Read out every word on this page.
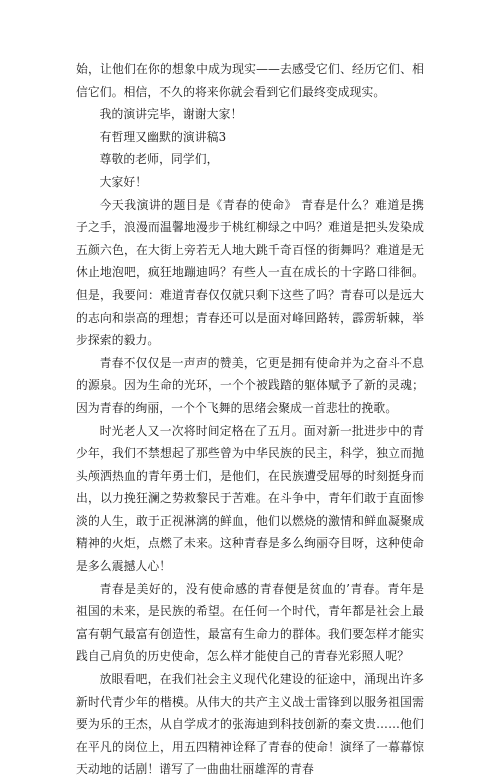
始，让他们在你的想象中成为现实——去感受它们、经历它们、相信它们。相信，不久的将来你就会看到它们最终变成现实。

我的演讲完毕，谢谢大家！

有哲理又幽默的演讲稿3

尊敬的老师，同学们，

大家好！

今天我演讲的题目是《青春的使命》 青春是什么？难道是携子之手，浪漫而温馨地漫步于桃红柳绿之中吗？难道是把头发染成五颜六色，在大街上旁若无人地大跳千奇百怪的街舞吗？难道是无休止地泡吧，疯狂地蹦迪吗？有些人一直在成长的十字路口徘徊。但是，我要问：难道青春仅仅就只剩下这些了吗？青春可以是远大的志向和崇高的理想；青春还可以是面对峰回路转，霹雳斩棘，举步探索的毅力。

青春不仅仅是一声声的赞美，它更是拥有使命并为之奋斗不息的源泉。因为生命的光环，一个个被践踏的躯体赋予了新的灵魂；因为青春的绚丽，一个个飞舞的思绪会聚成一首悲壮的挽歌。

时光老人又一次将时间定格在了五月。面对新一批进步中的青少年，我们不禁想起了那些曾为中华民族的民主，科学，独立而抛头颅洒热血的青年勇士们，是他们，在民族遭受屈辱的时刻挺身而出，以力挽狂澜之势救黎民于苦难。在斗争中，青年们敢于直面惨淡的人生，敢于正视淋漓的鲜血，他们以燃烧的激情和鲜血凝聚成精神的火炬，点燃了未来。这种青春是多么绚丽夺目呀，这种使命是多么震撼人心！

青春是美好的，没有使命感的青春便是贫血的’青春。青年是祖国的未来，是民族的希望。在任何一个时代，青年都是社会上最富有朝气最富有创造性，最富有生命力的群体。我们要怎样才能实践自己肩负的历史使命，怎么样才能使自己的青春光彩照人呢？

放眼看吧，在我们社会主义现代化建设的征途中，涌现出许多新时代青少年的楷模。从伟大的共产主义战士雷锋到以服务祖国需要为乐的王杰，从自学成才的张海迪到科技创新的秦文贵……他们在平凡的岗位上，用五四精神诠释了青春的使命！演绎了一幕幕惊天动地的话剧！谱写了一曲曲壮丽雄浑的青春
